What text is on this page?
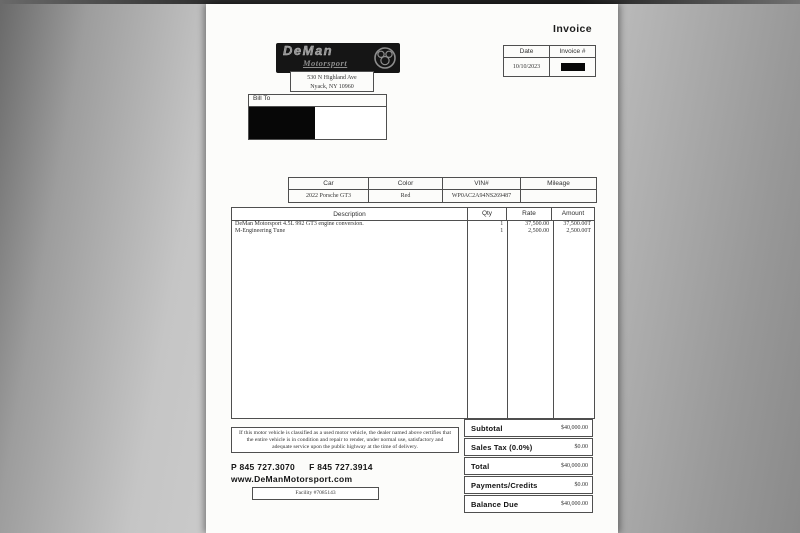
Invoice
Date	Invoice #
10/10/2023	
DeMan
Motorsport
530 N Highland Ave
Nyack, NY 10960
Bill To
Car	Color	VIN#	Mileage
2022 Porsche GT3	Red	WP0AC2A94NS269487	
Description	Qty	Rate	Amount
DeMan Motorsport 4.5L 992 GT3 engine conversion.	1	37,500.00	37,500.00T
M-Engineering Tune	1	2,500.00	2,500.00T
If this motor vehicle is classified as a used motor vehicle, the dealer named above certifies that the entire vehicle is in condition and repair to render, under normal use, satisfactory and adequate service upon the public highway at the time of delivery.
Subtotal	$40,000.00
Sales Tax (0.0%)	$0.00
Total	$40,000.00
Payments/Credits	$0.00
Balance Due	$40,000.00
P 845 727.3070 F 845 727.3914
www.DeManMotorsport.com
Facility #7085143
